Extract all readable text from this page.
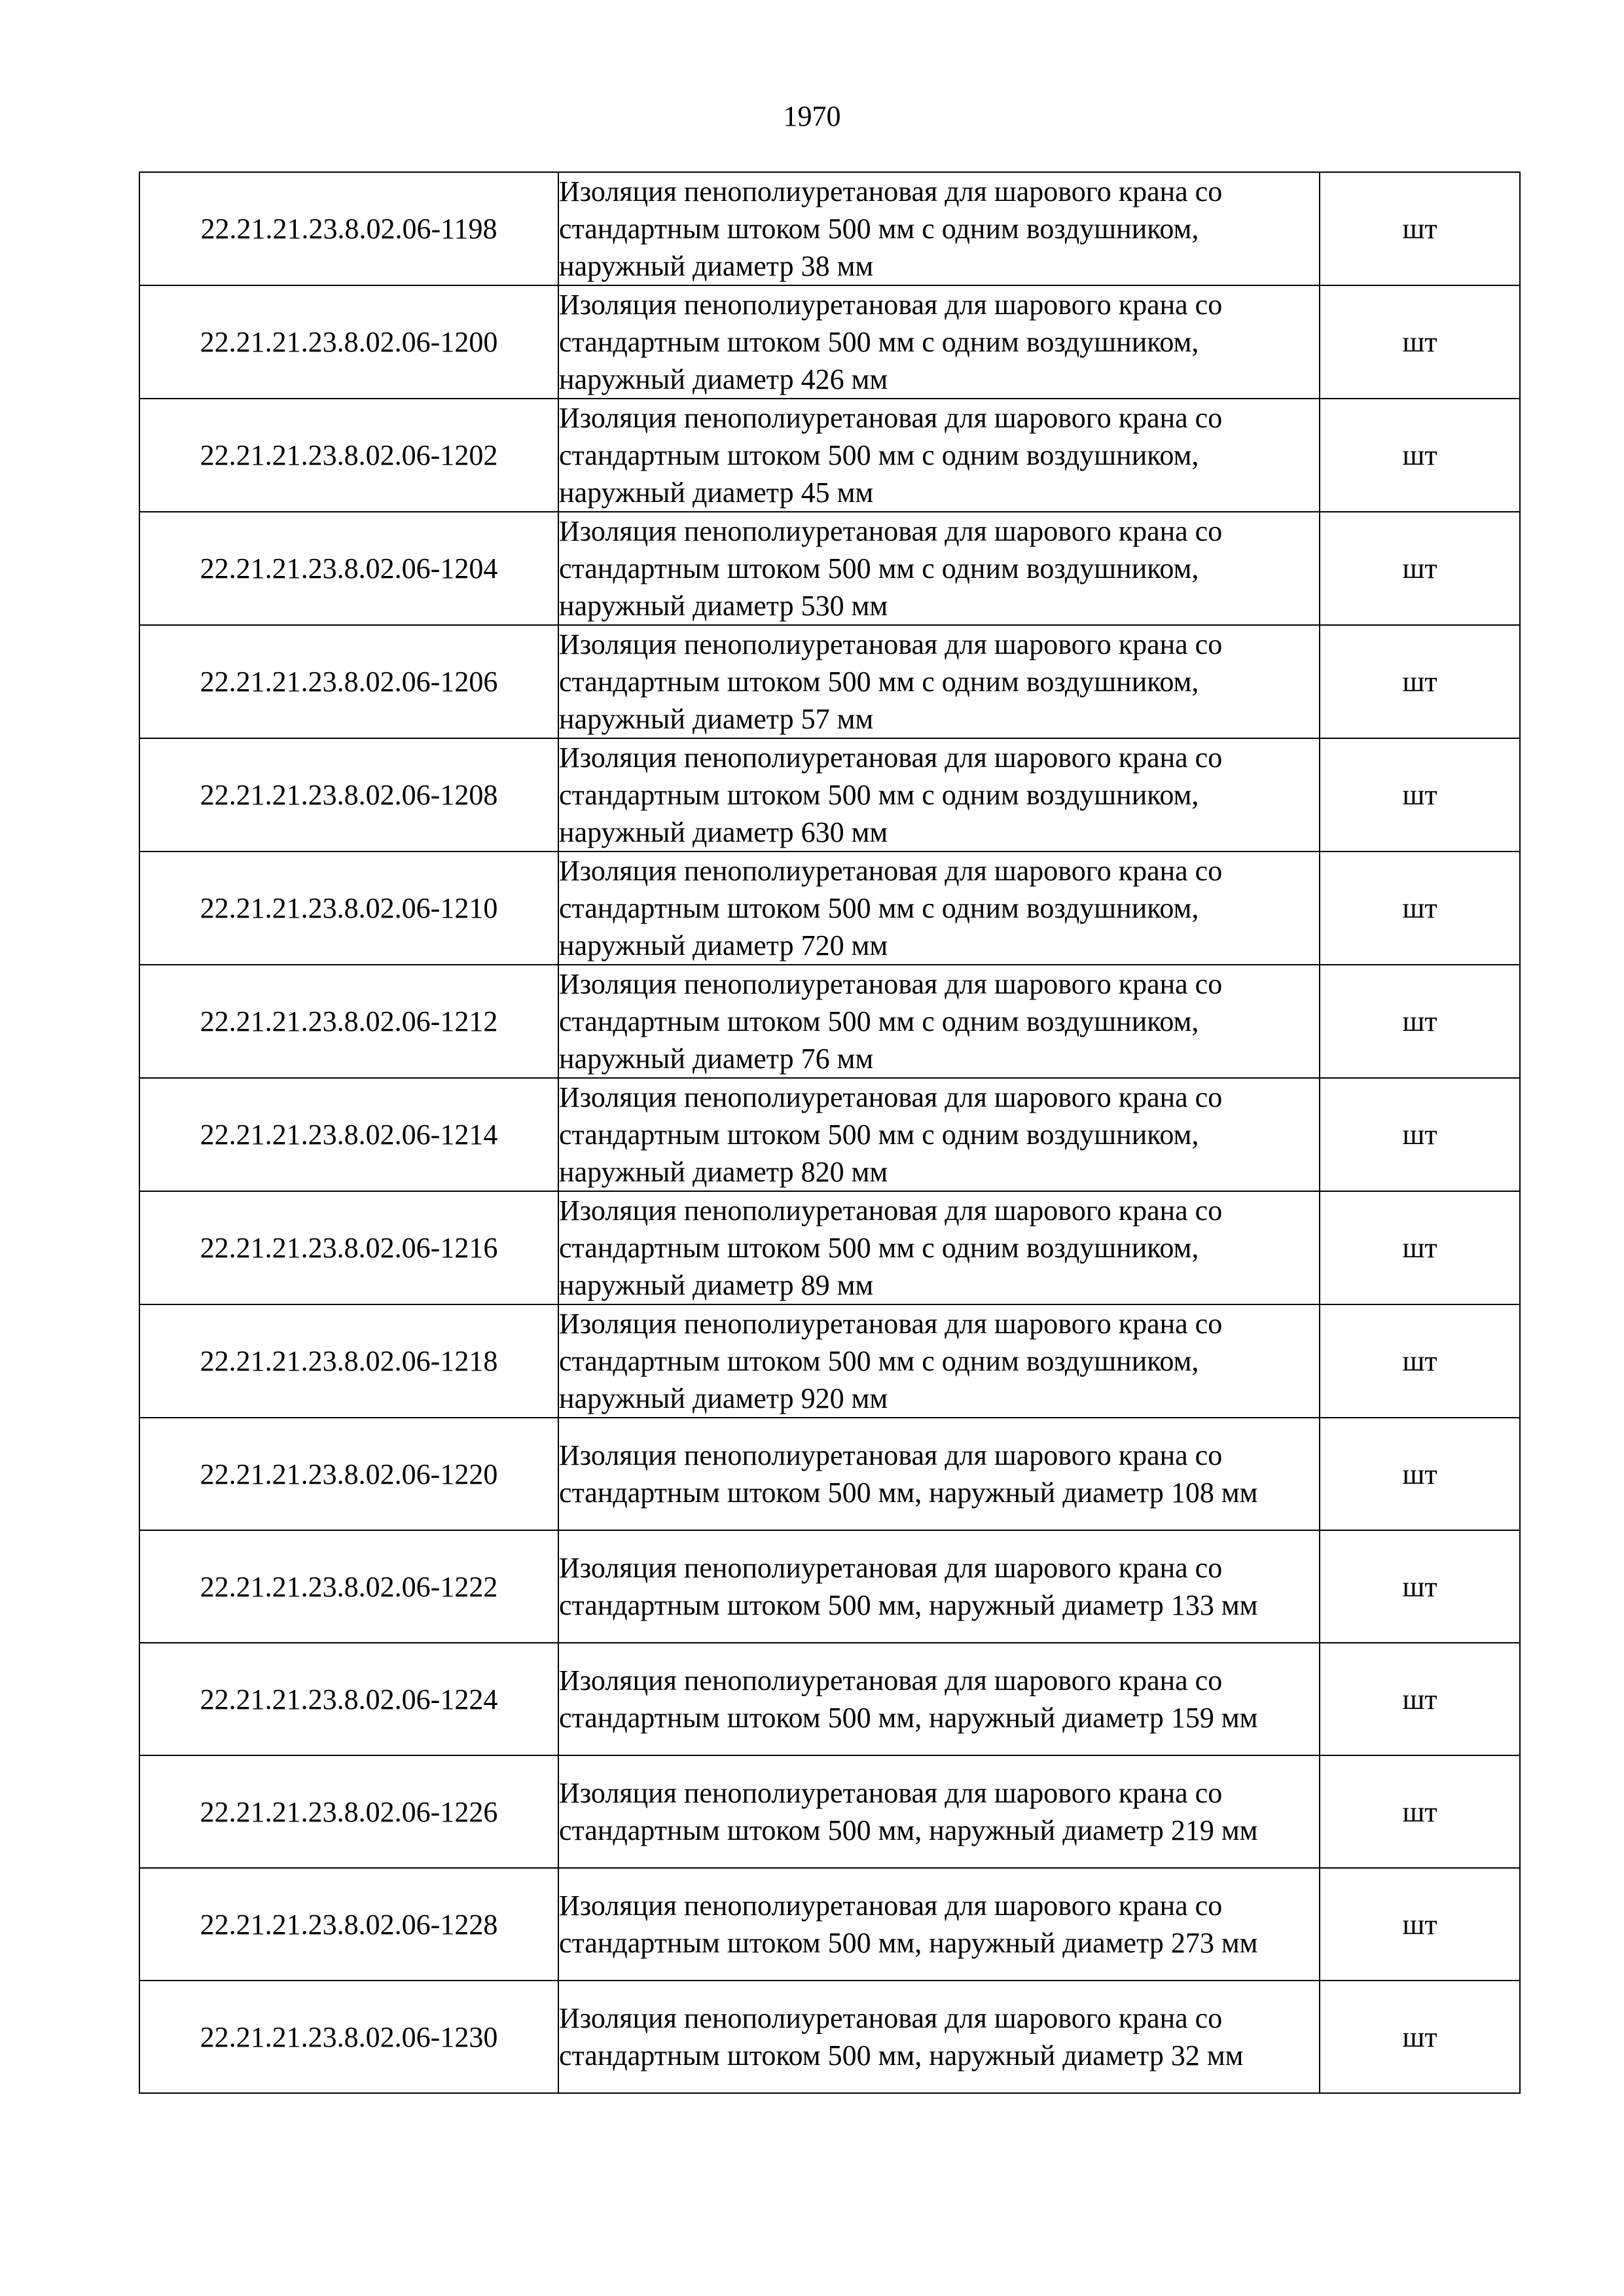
1970
22.21.21.23.8.02.06-1198	Изоляция пенополиуретановая для шарового крана со стандартным штоком 500 мм с одним воздушником, наружный диаметр 38 мм	шт
22.21.21.23.8.02.06-1200	Изоляция пенополиуретановая для шарового крана со стандартным штоком 500 мм с одним воздушником, наружный диаметр 426 мм	шт
22.21.21.23.8.02.06-1202	Изоляция пенополиуретановая для шарового крана со стандартным штоком 500 мм с одним воздушником, наружный диаметр 45 мм	шт
22.21.21.23.8.02.06-1204	Изоляция пенополиуретановая для шарового крана со стандартным штоком 500 мм с одним воздушником, наружный диаметр 530 мм	шт
22.21.21.23.8.02.06-1206	Изоляция пенополиуретановая для шарового крана со стандартным штоком 500 мм с одним воздушником, наружный диаметр 57 мм	шт
22.21.21.23.8.02.06-1208	Изоляция пенополиуретановая для шарового крана со стандартным штоком 500 мм с одним воздушником, наружный диаметр 630 мм	шт
22.21.21.23.8.02.06-1210	Изоляция пенополиуретановая для шарового крана со стандартным штоком 500 мм с одним воздушником, наружный диаметр 720 мм	шт
22.21.21.23.8.02.06-1212	Изоляция пенополиуретановая для шарового крана со стандартным штоком 500 мм с одним воздушником, наружный диаметр 76 мм	шт
22.21.21.23.8.02.06-1214	Изоляция пенополиуретановая для шарового крана со стандартным штоком 500 мм с одним воздушником, наружный диаметр 820 мм	шт
22.21.21.23.8.02.06-1216	Изоляция пенополиуретановая для шарового крана со стандартным штоком 500 мм с одним воздушником, наружный диаметр 89 мм	шт
22.21.21.23.8.02.06-1218	Изоляция пенополиуретановая для шарового крана со стандартным штоком 500 мм с одним воздушником, наружный диаметр 920 мм	шт
22.21.21.23.8.02.06-1220	Изоляция пенополиуретановая для шарового крана со стандартным штоком 500 мм, наружный диаметр 108 мм	шт
22.21.21.23.8.02.06-1222	Изоляция пенополиуретановая для шарового крана со стандартным штоком 500 мм, наружный диаметр 133 мм	шт
22.21.21.23.8.02.06-1224	Изоляция пенополиуретановая для шарового крана со стандартным штоком 500 мм, наружный диаметр 159 мм	шт
22.21.21.23.8.02.06-1226	Изоляция пенополиуретановая для шарового крана со стандартным штоком 500 мм, наружный диаметр 219 мм	шт
22.21.21.23.8.02.06-1228	Изоляция пенополиуретановая для шарового крана со стандартным штоком 500 мм, наружный диаметр 273 мм	шт
22.21.21.23.8.02.06-1230	Изоляция пенополиуретановая для шарового крана со стандартным штоком 500 мм, наружный диаметр 32 мм	шт
